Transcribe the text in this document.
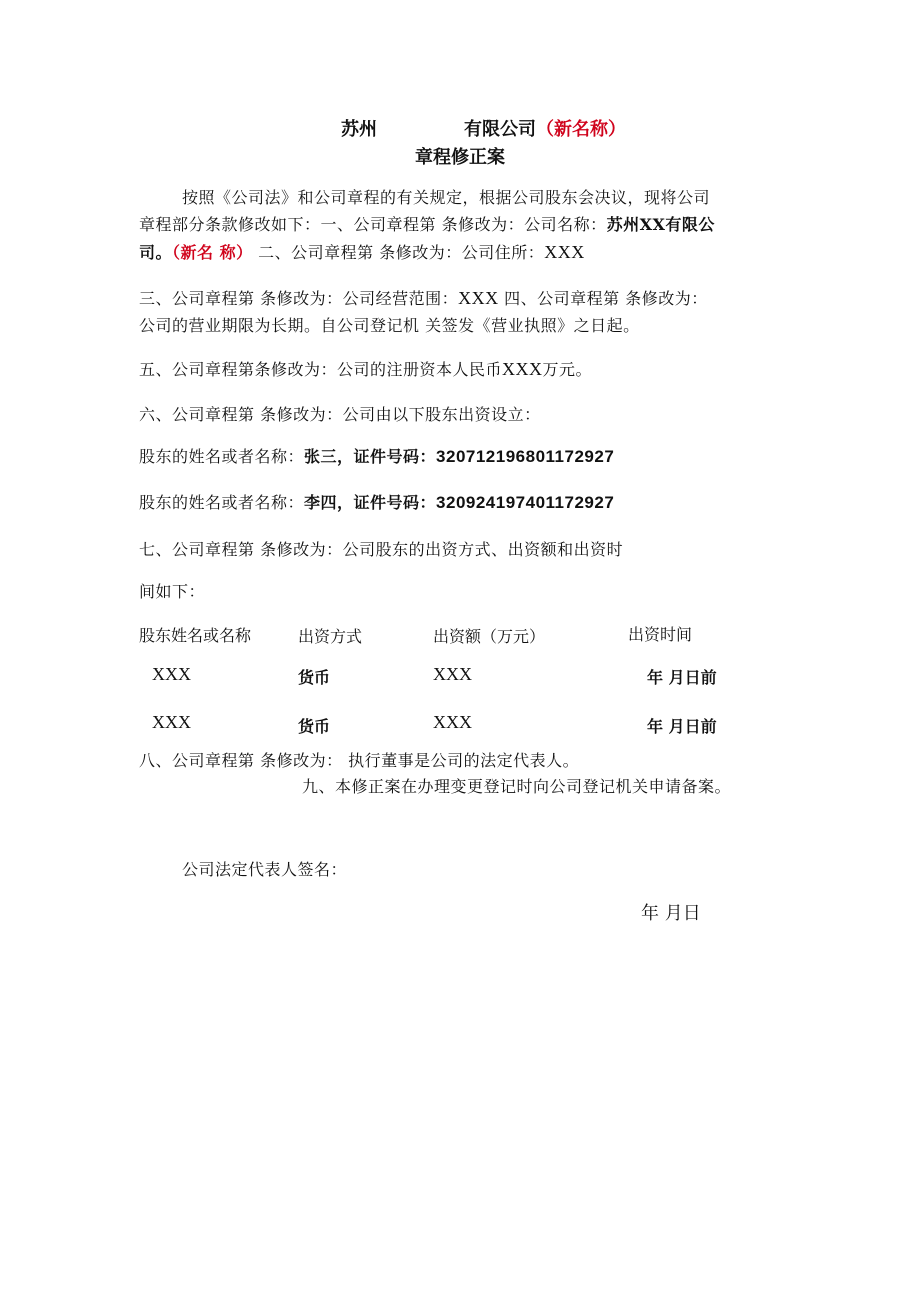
苏州	有限公司（新名称）
章程修正案
按照《公司法》和公司章程的有关规定，根据公司股东会决议，现将公司
章程部分条款修改如下：一、公司章程第 条修改为：公司名称：苏州XX有限公
司。（新名 称） 二、公司章程第 条修改为：公司住所：XXX
三、公司章程第 条修改为：公司经营范围：XXX 四、公司章程第 条修改为：
公司的营业期限为长期。自公司登记机 关签发《营业执照》之日起。
五、公司章程第条修改为：公司的注册资本人民币XXX万元。
六、公司章程第 条修改为：公司由以下股东出资设立：
股东的姓名或者名称：张三，证件号码：320712196801172927
股东的姓名或者名称：李四，证件号码：320924197401172927
七、公司章程第 条修改为：公司股东的出资方式、出资额和出资时
间如下：
股东姓名或名称	出资方式	出资额（万元）	出资时间
XXX	货币	XXX	年 月日前
XXX	货币	XXX	年 月日前
八、公司章程第 条修改为： 执行董事是公司的法定代表人。
九、本修正案在办理变更登记时向公司登记机关申请备案。
公司法定代表人签名：
年 月日
